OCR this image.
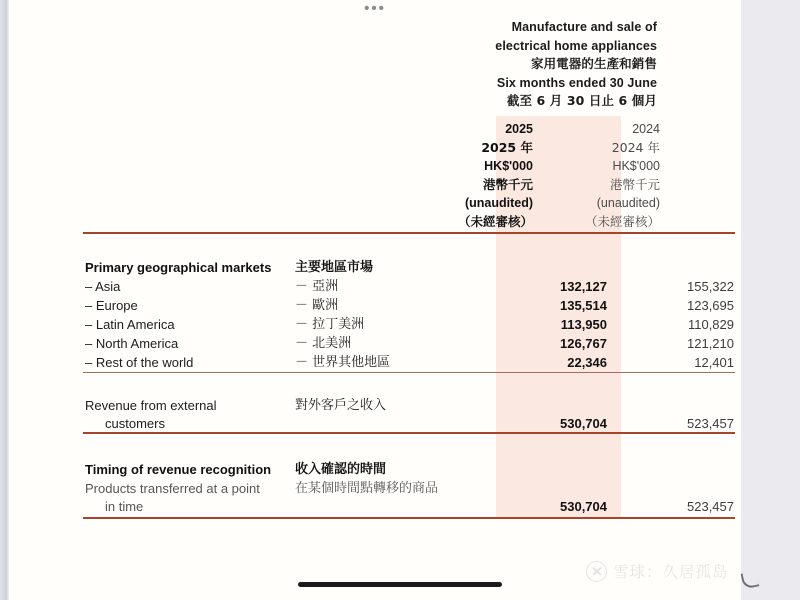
•••
Manufacture and sale of
electrical home appliances
家用電器的生產和銷售
Six months ended 30 June
截至 6 月 30 日止 6 個月
2025
2025 年
HK$'000
港幣千元
(unaudited)
（未經審核）
2024
2024 年
HK$'000
港幣千元
(unaudited)
（未經審核）
Primary geographical markets	主要地區市場
– Asia	－ 亞洲	132,127	155,322
– Europe	－ 歐洲	135,514	123,695
– Latin America	－ 拉丁美洲	113,950	110,829
– North America	－ 北美洲	126,767	121,210
– Rest of the world	－ 世界其他地區	22,346	12,401
Revenue from external	對外客戶之收入
customers	530,704	523,457
Timing of revenue recognition	收入確認的時間
Products transferred at a point	在某個時間點轉移的商品
in time	530,704	523,457
雪球：久居孤岛
